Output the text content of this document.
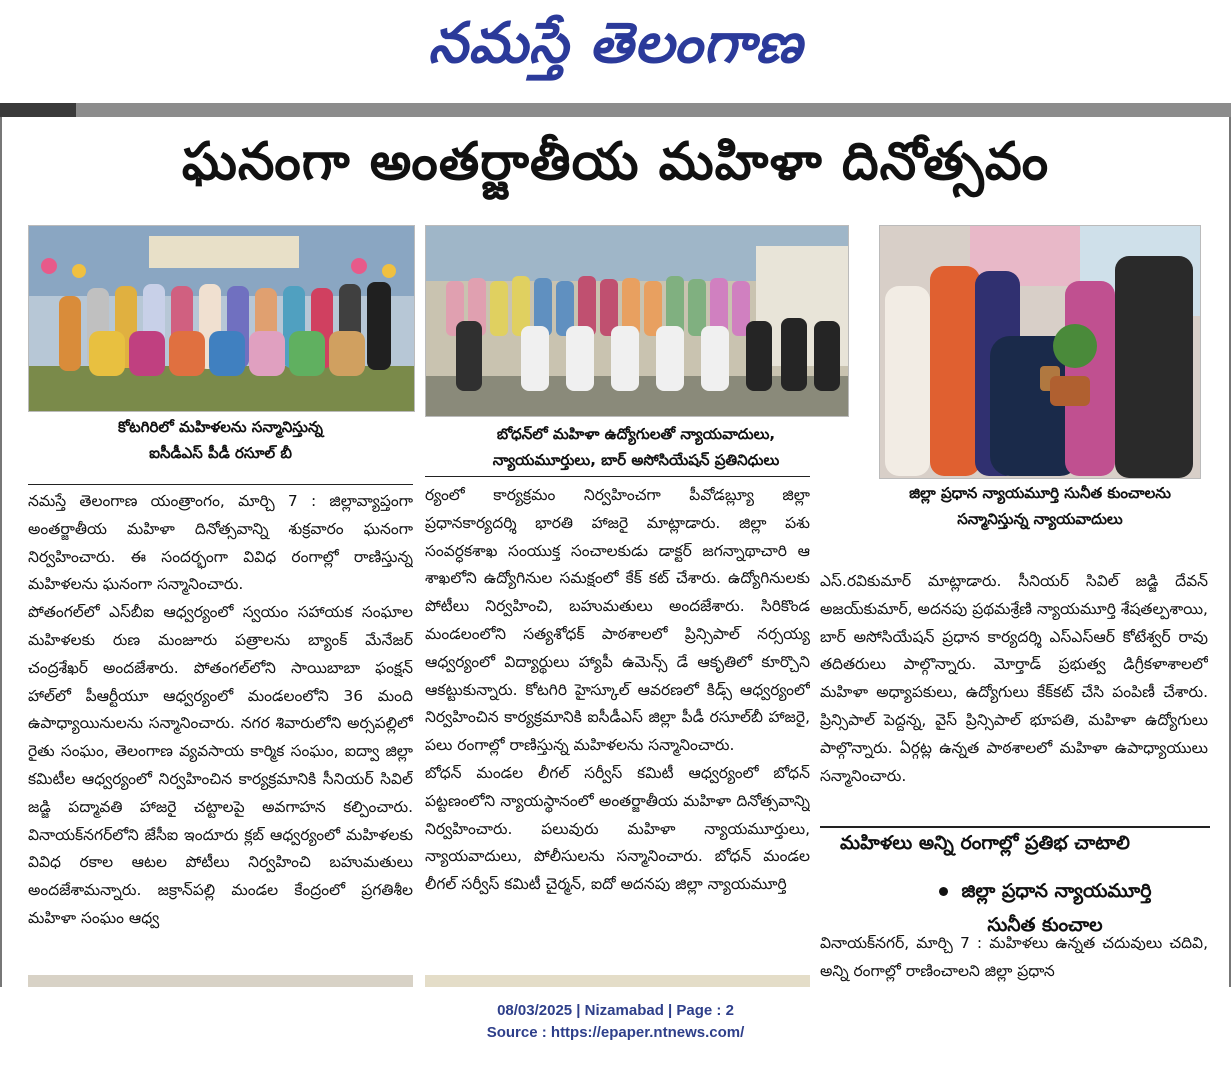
నమస్తే తెలంగాణ
ఘనంగా అంతర్జాతీయ మహిళా దినోత్సవం
కోటగిరిలో మహిళలను సన్మానిస్తున్న
ఐసీడీఎస్ పీడీ రసూల్ బీ
బోధన్‌లో మహిళా ఉద్యోగులతో న్యాయవాదులు,
న్యాయమూర్తులు, బార్ అసోసియేషన్ ప్రతినిధులు
జిల్లా ప్రధాన న్యాయమూర్తి సునీత కుంచాలను
సన్మానిస్తున్న న్యాయవాదులు
నమస్తే తెలంగాణ యంత్రాంగం, మార్చి 7 : జిల్లావ్యాప్తంగా అంతర్జాతీయ మహిళా దినోత్సవాన్ని శుక్రవారం ఘనంగా నిర్వహించారు. ఈ సందర్భంగా వివిధ రంగాల్లో రాణిస్తున్న మహిళలను ఘనంగా సన్మానించారు.
పోతంగల్‌లో ఎస్‌బీఐ ఆధ్వర్యంలో స్వయం సహాయక సంఘాల మహిళలకు రుణ మంజూరు పత్రాలను బ్యాంక్ మేనేజర్ చంద్రశేఖర్ అందజేశారు. పోతంగల్‌లోని సాయిబాబా ఫంక్షన్ హాల్‌లో పీఆర్టీయూ ఆధ్వర్యంలో మండలంలోని 36 మంది ఉపాధ్యాయినులను సన్మానించారు. నగర శివారులోని అర్సపల్లిలో రైతు సంఘం, తెలంగాణ వ్యవసాయ కార్మిక సంఘం, ఐద్వా జిల్లా కమిటీల ఆధ్వర్యంలో నిర్వహించిన కార్యక్రమానికి సీనియర్ సివిల్ జడ్జి పద్మావతి హాజరై చట్టాలపై అవగాహన కల్పించారు. వినాయక్‌నగర్‌లోని జేసీఐ ఇందూరు క్లబ్ ఆధ్వర్యంలో మహిళలకు వివిధ రకాల ఆటల పోటీలు నిర్వహించి బహుమతులు అందజేశామన్నారు. జక్రాన్‌పల్లి మండల కేంద్రంలో ప్రగతిశీల మహిళా సంఘం ఆధ్వ
ర్యంలో కార్యక్రమం నిర్వహించగా పీవోడబ్ల్యూ జిల్లా ప్రధానకార్యదర్శి భారతి హాజరై మాట్లాడారు. జిల్లా పశు సంవర్ధకశాఖ సంయుక్త సంచాలకుడు డాక్టర్ జగన్నాథాచారి ఆ శాఖలోని ఉద్యోగినుల సమక్షంలో కేక్ కట్ చేశారు. ఉద్యోగినులకు పోటీలు నిర్వహించి, బహుమతులు అందజేశారు. సిరికొండ మండలంలోని సత్యశోధక్ పాఠశాలలో ప్రిన్సిపాల్ నర్సయ్య ఆధ్వర్యంలో విద్యార్థులు హ్యాపీ ఉమెన్స్ డే ఆకృతిలో కూర్చొని ఆకట్టుకున్నారు. కోటగిరి హైస్కూల్ ఆవరణలో కిడ్స్ ఆధ్వర్యంలో నిర్వహించిన కార్యక్రమానికి ఐసీడీఎస్ జిల్లా పీడీ రసూల్‌బీ హాజరై, పలు రంగాల్లో రాణిస్తున్న మహిళలను సన్మానించారు.
బోధన్ మండల లీగల్ సర్వీస్ కమిటీ ఆధ్వర్యంలో బోధన్ పట్టణంలోని న్యాయస్థానంలో అంతర్జాతీయ మహిళా దినోత్సవాన్ని నిర్వహించారు. పలువురు మహిళా న్యాయమూర్తులు, న్యాయవాదులు, పోలీసులను సన్మానించారు. బోధన్ మండల లీగల్ సర్వీస్ కమిటీ చైర్మన్, ఐదో అదనపు జిల్లా న్యాయమూర్తి
ఎస్.రవికుమార్ మాట్లాడారు. సీనియర్ సివిల్ జడ్జి దేవన్ అజయ్‌కుమార్, అదనపు ప్రథమశ్రేణి న్యాయమూర్తి శేషతల్పశాయి, బార్ అసోసియేషన్ ప్రధాన కార్యదర్శి ఎస్ఎస్ఆర్ కోటేశ్వర్ రావు తదితరులు పాల్గొన్నారు. మోర్తాడ్ ప్రభుత్వ డిగ్రీకళాశాలలో మహిళా అధ్యాపకులు, ఉద్యోగులు కేక్‌కట్ చేసి పంపిణీ చేశారు. ప్రిన్సిపాల్ పెద్దన్న, వైస్ ప్రిన్సిపాల్ భూపతి, మహిళా ఉద్యోగులు పాల్గొన్నారు. ఏర్గట్ల ఉన్నత పాఠశాలలో మహిళా ఉపాధ్యాయులు సన్మానించారు.
మహిళలు అన్ని రంగాల్లో ప్రతిభ చాటాలి
జిల్లా ప్రధాన న్యాయమూర్తి
సునీత కుంచాల
వినాయక్‌నగర్, మార్చి 7 : మహిళలు ఉన్నత చదువులు చదివి, అన్ని రంగాల్లో రాణించాలని జిల్లా ప్రధాన
08/03/2025 | Nizamabad | Page : 2
Source : https://epaper.ntnews.com/
